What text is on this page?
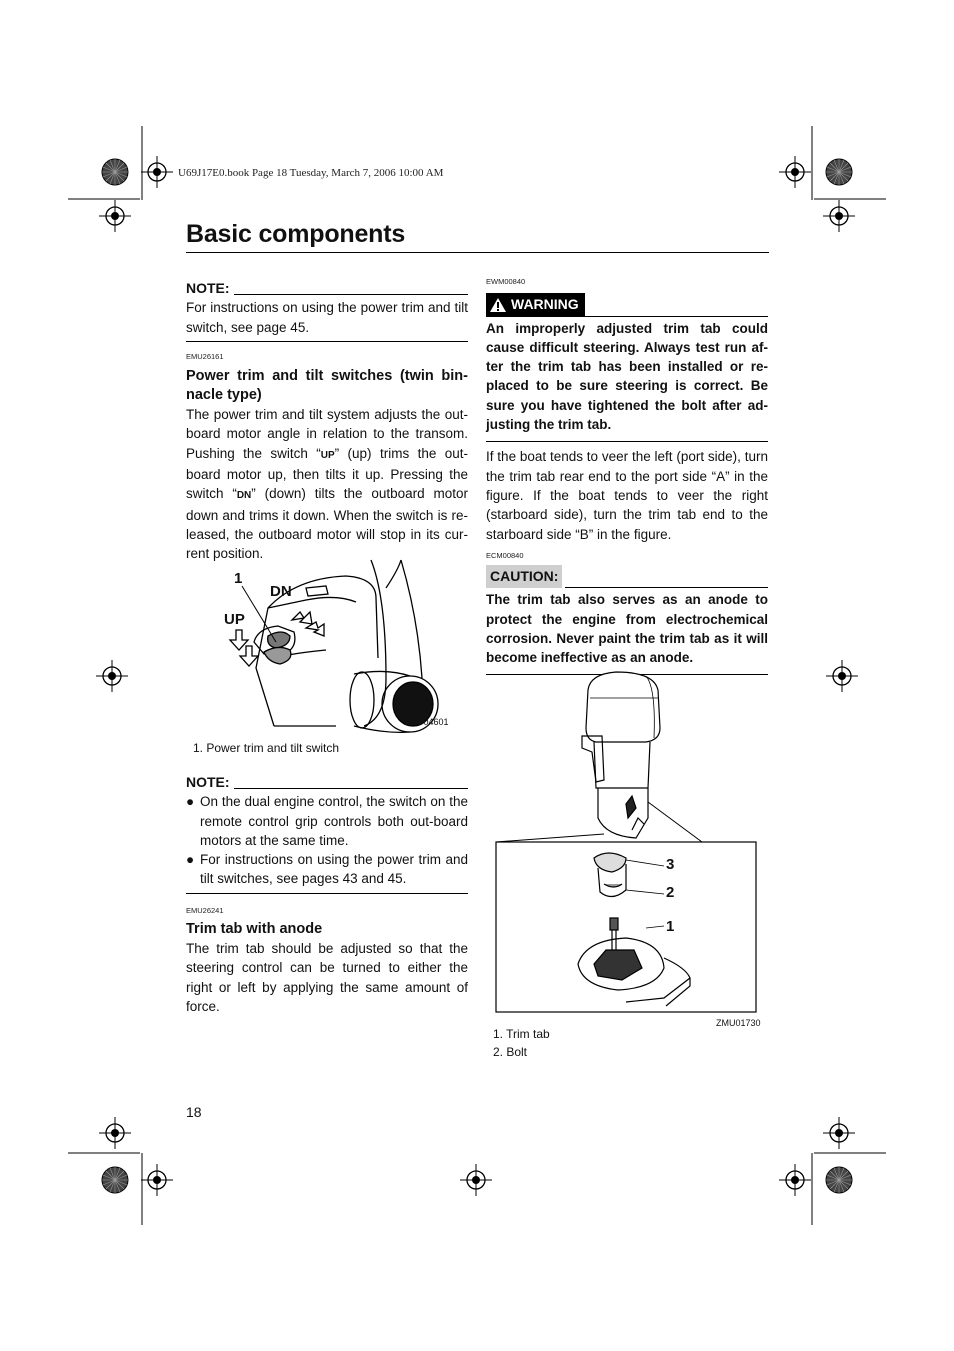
U69J17E0.book Page 18 Tuesday, March 7, 2006 10:00 AM
Basic components
NOTE:
For instructions on using the power trim and tilt switch, see page 45.
EMU26161
Power trim and tilt switches (twin bin-nacle type)
The power trim and tilt system adjusts the out-board motor angle in relation to the transom. Pushing the switch “UP” (up) trims the out-board motor up, then tilts it up. Pressing the switch “DN” (down) tilts the outboard motor down and trims it down. When the switch is re-leased, the outboard motor will stop in its cur-rent position.
1
DN
UP
ZMU04601
1. Power trim and tilt switch
NOTE:
● On the dual engine control, the switch on the remote control grip controls both out-board motors at the same time.
● For instructions on using the power trim and tilt switches, see pages 43 and 45.
EMU26241
Trim tab with anode
The trim tab should be adjusted so that the steering control can be turned to either the right or left by applying the same amount of force.
EWM00840
WARNING
An improperly adjusted trim tab could cause difficult steering. Always test run af-ter the trim tab has been installed or re-placed to be sure steering is correct. Be sure you have tightened the bolt after ad-justing the trim tab.
If the boat tends to veer the left (port side), turn the trim tab rear end to the port side “A” in the figure. If the boat tends to veer the right (starboard side), turn the trim tab end to the starboard side “B” in the figure.
ECM00840
CAUTION:
The trim tab also serves as an anode to protect the engine from electrochemical corrosion. Never paint the trim tab as it will become ineffective as an anode.
3
2
1
ZMU01730
1. Trim tab
2. Bolt
18
